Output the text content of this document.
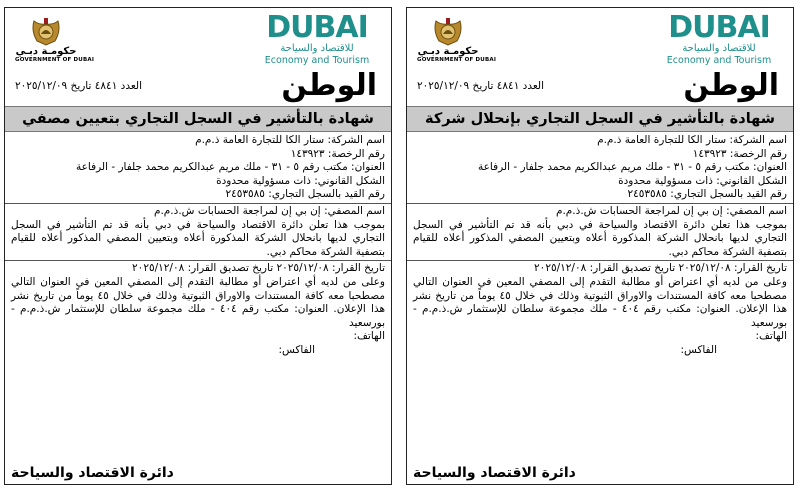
حكومـة دبـي
GOVERNMENT OF DUBAI
DUBAI
للاقتصاد والسياحة
Economy and Tourism
العدد ٤٨٤١ تاريخ ٢٠٢٥/١٢/٠٩	الوطن
شهادة بالتأشير في السجل التجاري بتعيين مصفي
اسم الشركة: ستار الكا للتجارة العامة ذ.م.م
رقم الرخصة: ١٤٣٩٢٣
العنوان: مكتب رقم ٥ - ٣١ - ملك مريم عبدالكريم محمد جلفار - الرفاعة
الشكل القانوني: ذات مسؤولية محدودة
رقم القيد بالسجل التجاري: ٢٤٥٣٥٨٥
اسم المصفي: إن بي إن لمراجعة الحسابات ش.ذ.م.م
بموجب هذا تعلن دائرة الاقتصاد والسياحة في دبي بأنه قد تم التأشير في السجل التجاري لديها بانحلال الشركة المذكورة أعلاه وبتعيين المصفي المذكور أعلاه للقيام بتصفية الشركة محاكم دبي.
تاريخ القرار: ٢٠٢٥/١٢/٠٨ تاريخ تصديق القرار: ٢٠٢٥/١٢/٠٨
وعلى من لديه أي اعتراض أو مطالبة التقدم إلى المصفي المعين في العنوان التالي مصطحبا معه كافة المستندات والاوراق الثبوتية وذلك في خلال ٤٥ يوماً من تاريخ نشر هذا الإعلان. العنوان: مكتب رقم ٤٠٤ - ملك مجموعة سلطان للإستثمار ش.ذ.م.م - بورسعيد
الهاتف:
الفاكس:
دائرة الاقتصاد والسياحة
حكومـة دبـي
GOVERNMENT OF DUBAI
DUBAI
للاقتصاد والسياحة
Economy and Tourism
العدد ٤٨٤١ تاريخ ٢٠٢٥/١٢/٠٩	الوطن
شهادة بالتأشير في السجل التجاري بإنحلال شركة
اسم الشركة: ستار الكا للتجارة العامة ذ.م.م
رقم الرخصة: ١٤٣٩٢٣
العنوان: مكتب رقم ٥ - ٣١ - ملك مريم عبدالكريم محمد جلفار - الرفاعة
الشكل القانوني: ذات مسؤولية محدودة
رقم القيد بالسجل التجاري: ٢٤٥٣٥٨٥
اسم المصفي: إن بي إن لمراجعة الحسابات ش.ذ.م.م
بموجب هذا تعلن دائرة الاقتصاد والسياحة في دبي بأنه قد تم التأشير في السجل التجاري لديها بانحلال الشركة المذكورة أعلاه وبتعيين المصفي المذكور أعلاه للقيام بتصفية الشركة محاكم دبي.
تاريخ القرار: ٢٠٢٥/١٢/٠٨ تاريخ تصديق القرار: ٢٠٢٥/١٢/٠٨
وعلى من لديه أي اعتراض أو مطالبة التقدم إلى المصفي المعين في العنوان التالي مصطحبا معه كافة المستندات والاوراق الثبوتية وذلك في خلال ٤٥ يوماً من تاريخ نشر هذا الإعلان. العنوان: مكتب رقم ٤٠٤ - ملك مجموعة سلطان للإستثمار ش.ذ.م.م - بورسعيد
الهاتف:
الفاكس:
دائرة الاقتصاد والسياحة
